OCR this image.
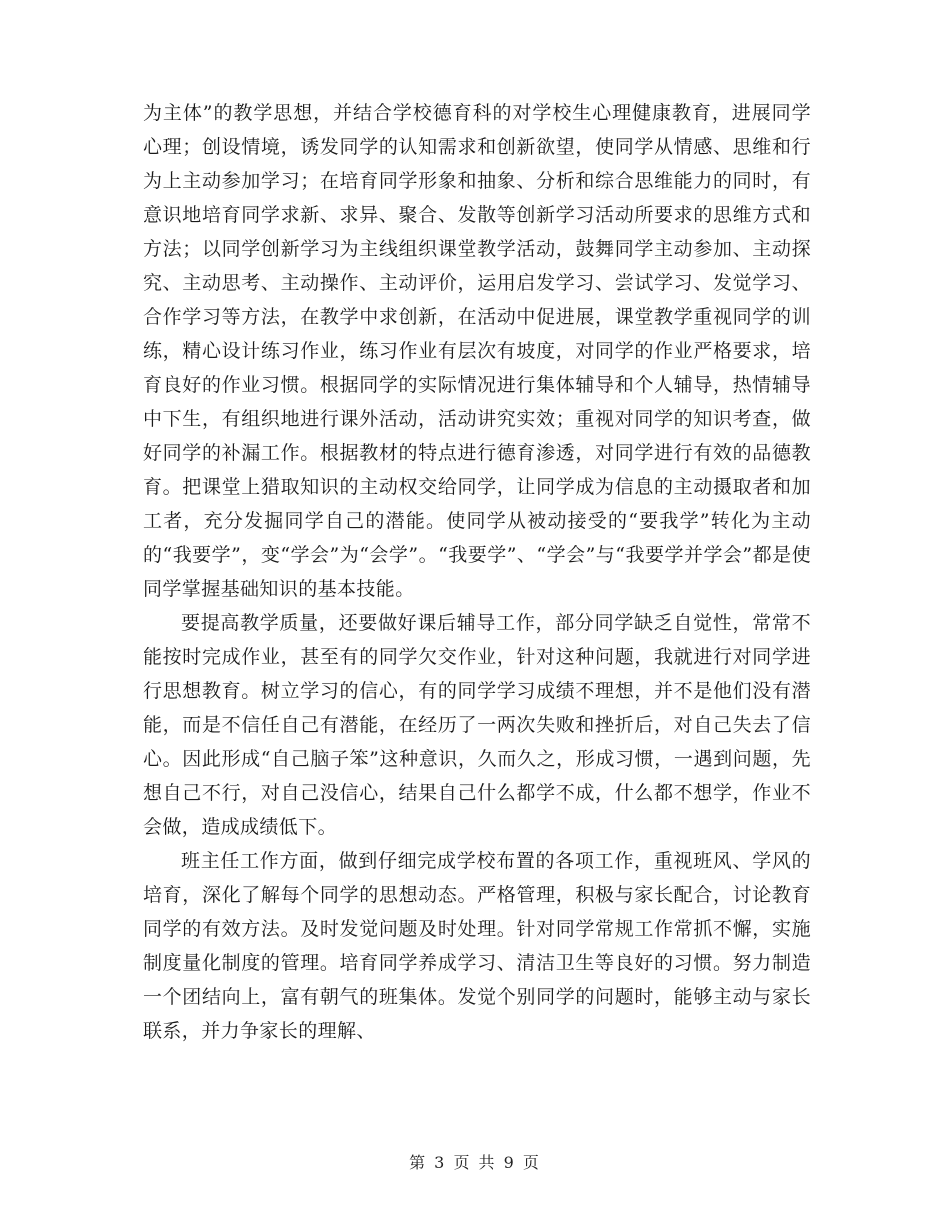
为主体”的教学思想，并结合学校德育科的对学校生心理健康教育，进展同学心理；创设情境，诱发同学的认知需求和创新欲望，使同学从情感、思维和行为上主动参加学习；在培育同学形象和抽象、分析和综合思维能力的同时，有意识地培育同学求新、求异、聚合、发散等创新学习活动所要求的思维方式和方法；以同学创新学习为主线组织课堂教学活动，鼓舞同学主动参加、主动探究、主动思考、主动操作、主动评价，运用启发学习、尝试学习、发觉学习、合作学习等方法，在教学中求创新，在活动中促进展，课堂教学重视同学的训练，精心设计练习作业，练习作业有层次有坡度，对同学的作业严格要求，培育良好的作业习惯。根据同学的实际情况进行集体辅导和个人辅导，热情辅导中下生，有组织地进行课外活动，活动讲究实效；重视对同学的知识考查，做好同学的补漏工作。根据教材的特点进行德育渗透，对同学进行有效的品德教育。把课堂上猎取知识的主动权交给同学，让同学成为信息的主动摄取者和加工者，充分发掘同学自己的潜能。使同学从被动接受的“要我学”转化为主动的“我要学”，变“学会”为“会学”。“我要学”、“学会”与“我要学并学会”都是使同学掌握基础知识的基本技能。

要提高教学质量，还要做好课后辅导工作，部分同学缺乏自觉性，常常不能按时完成作业，甚至有的同学欠交作业，针对这种问题，我就进行对同学进行思想教育。树立学习的信心，有的同学学习成绩不理想，并不是他们没有潜能，而是不信任自己有潜能，在经历了一两次失败和挫折后，对自己失去了信心。因此形成“自己脑子笨”这种意识，久而久之，形成习惯，一遇到问题，先想自己不行，对自己没信心，结果自己什么都学不成，什么都不想学，作业不会做，造成成绩低下。

班主任工作方面，做到仔细完成学校布置的各项工作，重视班风、学风的培育，深化了解每个同学的思想动态。严格管理，积极与家长配合，讨论教育同学的有效方法。及时发觉问题及时处理。针对同学常规工作常抓不懈，实施制度量化制度的管理。培育同学养成学习、清洁卫生等良好的习惯。努力制造一个团结向上，富有朝气的班集体。发觉个别同学的问题时，能够主动与家长联系，并力争家长的理解、

第 3 页 共 9 页
